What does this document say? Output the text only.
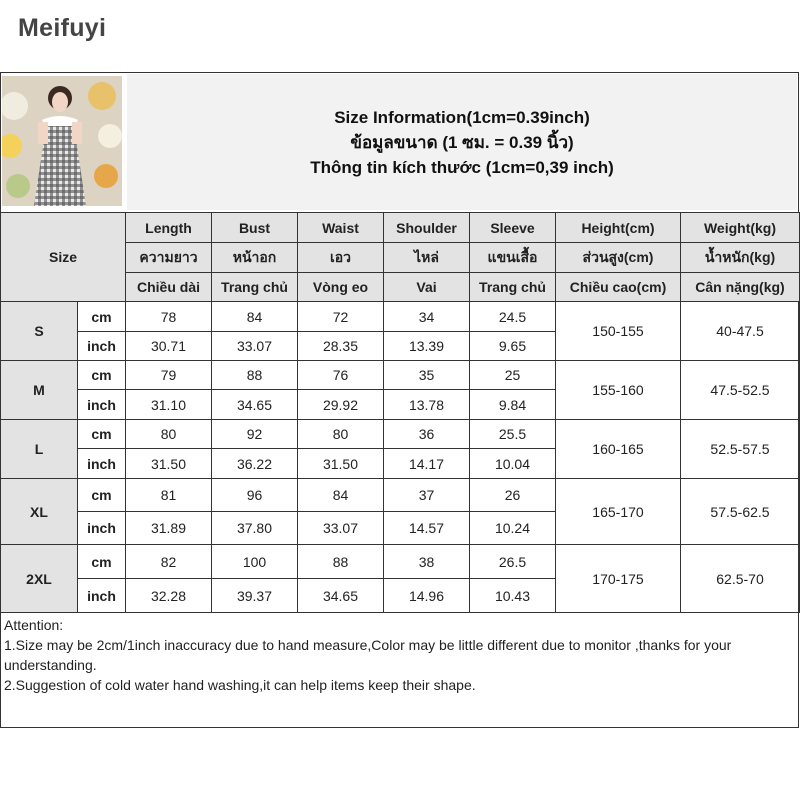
Meifuyi
Size Information(1cm=0.39inch)
ข้อมูลขนาด (1 ซม. = 0.39 นิ้ว)
Thông tin kích thước (1cm=0,39 inch)
Size		Length	Bust	Waist	Shoulder	Sleeve	Height(cm)	Weight(kg)
		ความยาว	หน้าอก	เอว	ไหล่	แขนเสื้อ	ส่วนสูง(cm)	น้ำหนัก(kg)
		Chiều dài	Trang chủ	Vòng eo	Vai	Trang chủ	Chiều cao(cm)	Cân nặng(kg)
S	cm	78	84	72	34	24.5	150-155	40-47.5
	inch	30.71	33.07	28.35	13.39	9.65		
M	cm	79	88	76	35	25	155-160	47.5-52.5
	inch	31.10	34.65	29.92	13.78	9.84		
L	cm	80	92	80	36	25.5	160-165	52.5-57.5
	inch	31.50	36.22	31.50	14.17	10.04		
XL	cm	81	96	84	37	26	165-170	57.5-62.5
	inch	31.89	37.80	33.07	14.57	10.24		
2XL	cm	82	100	88	38	26.5	170-175	62.5-70
	inch	32.28	39.37	34.65	14.96	10.43		
Attention:
1.Size may be 2cm/1inch inaccuracy due to hand measure,Color may be little different due to monitor ,thanks for your understanding.
2.Suggestion of cold water hand washing,it can help items keep their shape.
